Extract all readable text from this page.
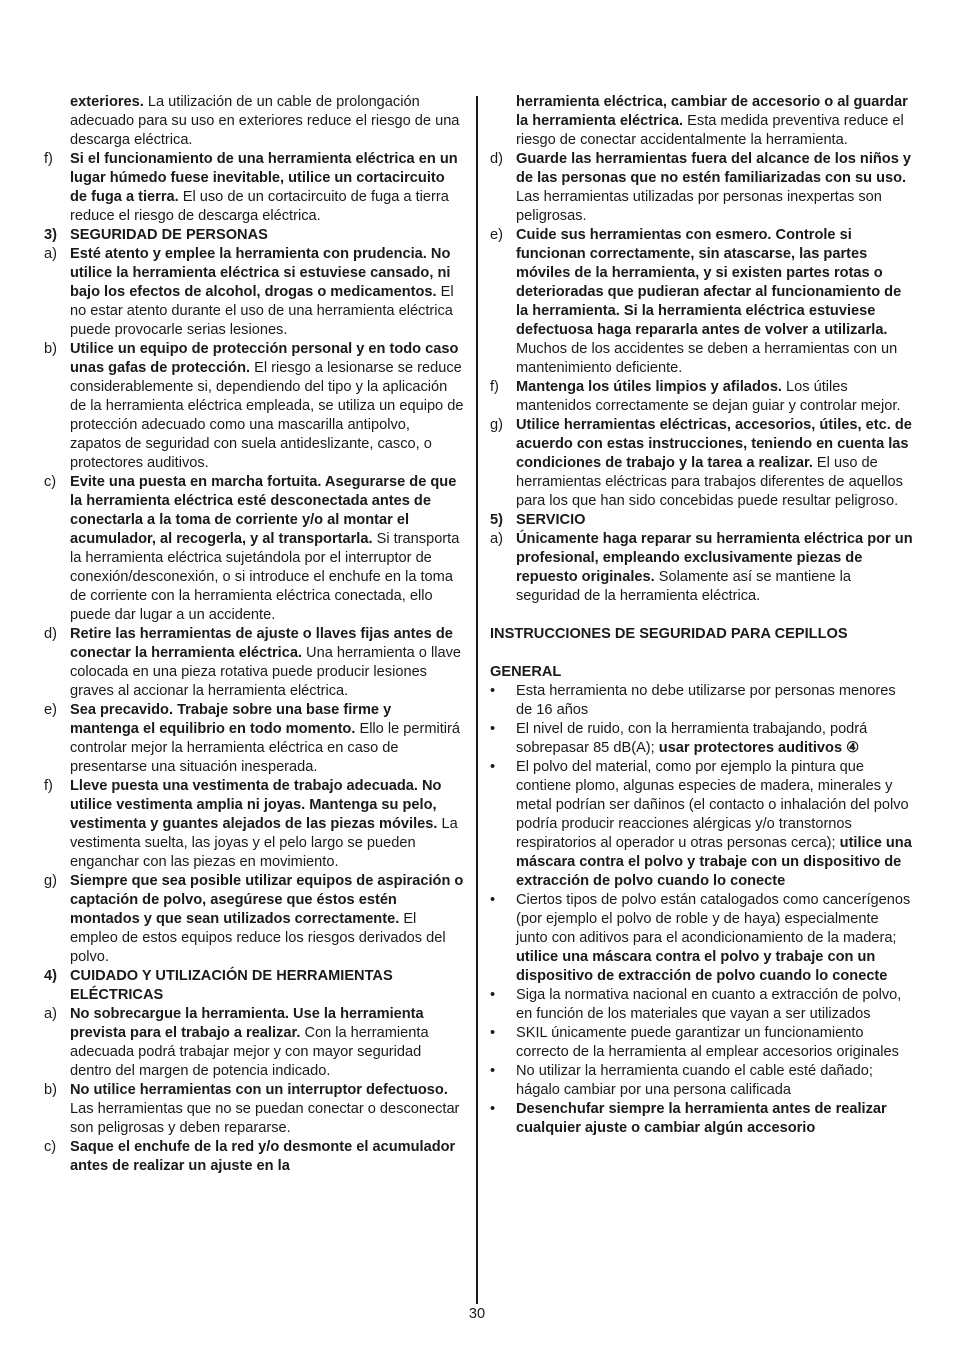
exteriores. La utilización de un cable de prolongación adecuado para su uso en exteriores reduce el riesgo de una descarga eléctrica.
f)	Si el funcionamiento de una herramienta eléctrica en un lugar húmedo fuese inevitable, utilice un cortacircuito de fuga a tierra. El uso de un cortacircuito de fuga a tierra reduce el riesgo de descarga eléctrica.
3) SEGURIDAD DE PERSONAS
a) Esté atento y emplee la herramienta con prudencia. No utilice la herramienta eléctrica si estuviese cansado, ni bajo los efectos de alcohol, drogas o medicamentos. El no estar atento durante el uso de una herramienta eléctrica puede provocarle serias lesiones.
b) Utilice un equipo de protección personal y en todo caso unas gafas de protección. El riesgo a lesionarse se reduce considerablemente si, dependiendo del tipo y la aplicación de la herramienta eléctrica empleada, se utiliza un equipo de protección adecuado como una mascarilla antipolvo, zapatos de seguridad con suela antideslizante, casco, o protectores auditivos.
c) Evite una puesta en marcha fortuita. Asegurarse de que la herramienta eléctrica esté desconectada antes de conectarla a la toma de corriente y/o al montar el acumulador, al recogerla, y al transportarla. Si transporta la herramienta eléctrica sujetándola por el interruptor de conexión/desconexión, o si introduce el enchufe en la toma de corriente con la herramienta eléctrica conectada, ello puede dar lugar a un accidente.
d) Retire las herramientas de ajuste o llaves fijas antes de conectar la herramienta eléctrica. Una herramienta o llave colocada en una pieza rotativa puede producir lesiones graves al accionar la herramienta eléctrica.
e) Sea precavido. Trabaje sobre una base firme y mantenga el equilibrio en todo momento. Ello le permitirá controlar mejor la herramienta eléctrica en caso de presentarse una situación inesperada.
f)	Lleve puesta una vestimenta de trabajo adecuada. No utilice vestimenta amplia ni joyas. Mantenga su pelo, vestimenta y guantes alejados de las piezas móviles. La vestimenta suelta, las joyas y el pelo largo se pueden enganchar con las piezas en movimiento.
g) Siempre que sea posible utilizar equipos de aspiración o captación de polvo, asegúrese que éstos estén montados y que sean utilizados correctamente. El empleo de estos equipos reduce los riesgos derivados del polvo.
4) CUIDADO Y UTILIZACIÓN DE HERRAMIENTAS ELÉCTRICAS
a) No sobrecargue la herramienta. Use la herramienta prevista para el trabajo a realizar. Con la herramienta adecuada podrá trabajar mejor y con mayor seguridad dentro del margen de potencia indicado.
b) No utilice herramientas con un interruptor defectuoso. Las herramientas que no se puedan conectar o desconectar son peligrosas y deben repararse.
c) Saque el enchufe de la red y/o desmonte el acumulador antes de realizar un ajuste en la
herramienta eléctrica, cambiar de accesorio o al guardar la herramienta eléctrica. Esta medida preventiva reduce el riesgo de conectar accidentalmente la herramienta.
d) Guarde las herramientas fuera del alcance de los niños y de las personas que no estén familiarizadas con su uso. Las herramientas utilizadas por personas inexpertas son peligrosas.
e) Cuide sus herramientas con esmero. Controle si funcionan correctamente, sin atascarse, las partes móviles de la herramienta, y si existen partes rotas o deterioradas que pudieran afectar al funcionamiento de la herramienta. Si la herramienta eléctrica estuviese defectuosa haga repararla antes de volver a utilizarla. Muchos de los accidentes se deben a herramientas con un mantenimiento deficiente.
f)	Mantenga los útiles limpios y afilados. Los útiles mantenidos correctamente se dejan guiar y controlar mejor.
g) Utilice herramientas eléctricas, accesorios, útiles, etc. de acuerdo con estas instrucciones, teniendo en cuenta las condiciones de trabajo y la tarea a realizar. El uso de herramientas eléctricas para trabajos diferentes de aquellos para los que han sido concebidas puede resultar peligroso.
5) SERVICIO
a) Únicamente haga reparar su herramienta eléctrica por un profesional, empleando exclusivamente piezas de repuesto originales. Solamente así se mantiene la seguridad de la herramienta eléctrica.
INSTRUCCIONES DE SEGURIDAD PARA CEPILLOS
GENERAL
•	Esta herramienta no debe utilizarse por personas menores de 16 años
•	El nivel de ruido, con la herramienta trabajando, podrá sobrepasar 85 dB(A); usar protectores auditivos ④
•	El polvo del material, como por ejemplo la pintura que contiene plomo, algunas especies de madera, minerales y metal podrían ser dañinos (el contacto o inhalación del polvo podría producir reacciones alérgicas y/o transtornos respiratorios al operador u otras personas cerca); utilice una máscara contra el polvo y trabaje con un dispositivo de extracción de polvo cuando lo conecte
•	Ciertos tipos de polvo están catalogados como cancerígenos (por ejemplo el polvo de roble y de haya) especialmente junto con aditivos para el acondicionamiento de la madera; utilice una máscara contra el polvo y trabaje con un dispositivo de extracción de polvo cuando lo conecte
•	Siga la normativa nacional en cuanto a extracción de polvo, en función de los materiales que vayan a ser utilizados
•	SKIL únicamente puede garantizar un funcionamiento correcto de la herramienta al emplear accesorios originales
•	No utilizar la herramienta cuando el cable esté dañado; hágalo cambiar por una persona calificada
•	Desenchufar siempre la herramienta antes de realizar cualquier ajuste o cambiar algún accesorio
30
